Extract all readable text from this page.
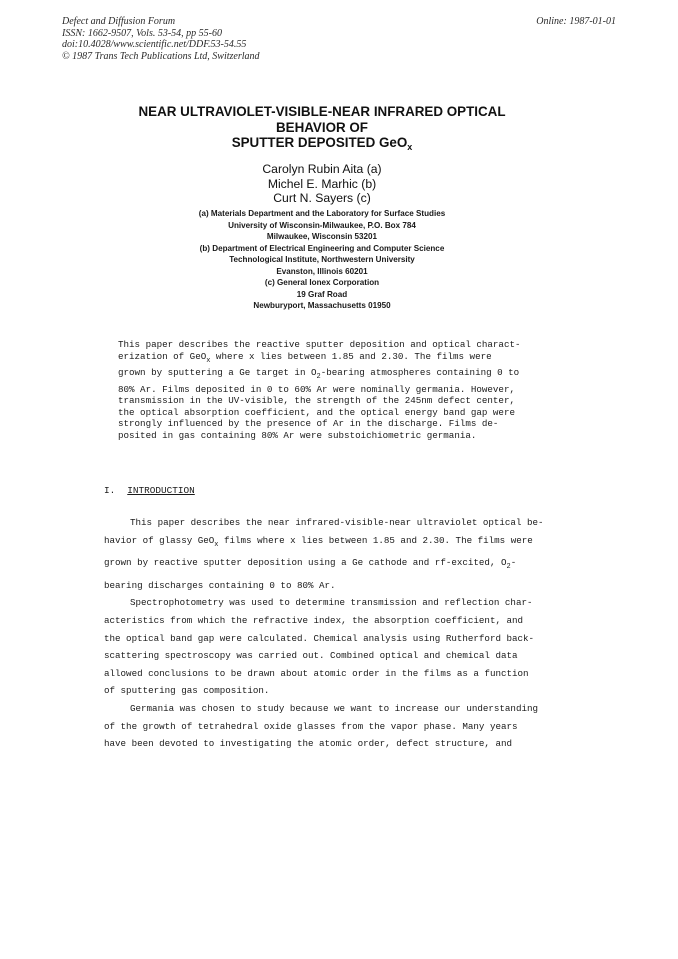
Defect and Diffusion Forum
ISSN: 1662-9507, Vols. 53-54, pp 55-60
doi:10.4028/www.scientific.net/DDF.53-54.55
© 1987 Trans Tech Publications Ltd, Switzerland
Online: 1987-01-01
NEAR ULTRAVIOLET-VISIBLE-NEAR INFRARED OPTICAL
BEHAVIOR OF
SPUTTER DEPOSITED GeO$_x$
Carolyn Rubin Aita (a)
Michel E. Marhic (b)
Curt N. Sayers (c)
(a) Materials Department and the Laboratory for Surface Studies
University of Wisconsin-Milwaukee, P.O. Box 784
Milwaukee, Wisconsin 53201
(b) Department of Electrical Engineering and Computer Science
Technological Institute, Northwestern University
Evanston, Illinois 60201
(c) General Ionex Corporation
19 Graf Road
Newburyport, Massachusetts 01950
This paper describes the reactive sputter deposition and optical charact-
erization of GeO$_x$ where x lies between 1.85 and 2.30. The films were
grown by sputtering a Ge target in $O_2$-bearing atmospheres containing 0 to
80% Ar. Films deposited in 0 to 60% Ar were nominally germania. However,
transmission in the UV-visible, the strength of the 245nm defect center,
the optical absorption coefficient, and the optical energy band gap were
strongly influenced by the presence of Ar in the discharge. Films de-
posited in gas containing 80% Ar were substoichiometric germania.
I. INTRODUCTION
This paper describes the near infrared-visible-near ultraviolet optical be-
havior of glassy GeO$_x$ films where x lies between 1.85 and 2.30. The films were
grown by reactive sputter deposition using a Ge cathode and rf-excited, $O_2-$
bearing discharges containing 0 to 80% Ar.
Spectrophotometry was used to determine transmission and reflection char-
acteristics from which the refractive index, the absorption coefficient, and
the optical band gap were calculated. Chemical analysis using Rutherford back-
scattering spectroscopy was carried out. Combined optical and chemical data
allowed conclusions to be drawn about atomic order in the films as a function
of sputtering gas composition.
Germania was chosen to study because we want to increase our understanding
of the growth of tetrahedral oxide glasses from the vapor phase. Many years
have been devoted to investigating the atomic order, defect structure, and
